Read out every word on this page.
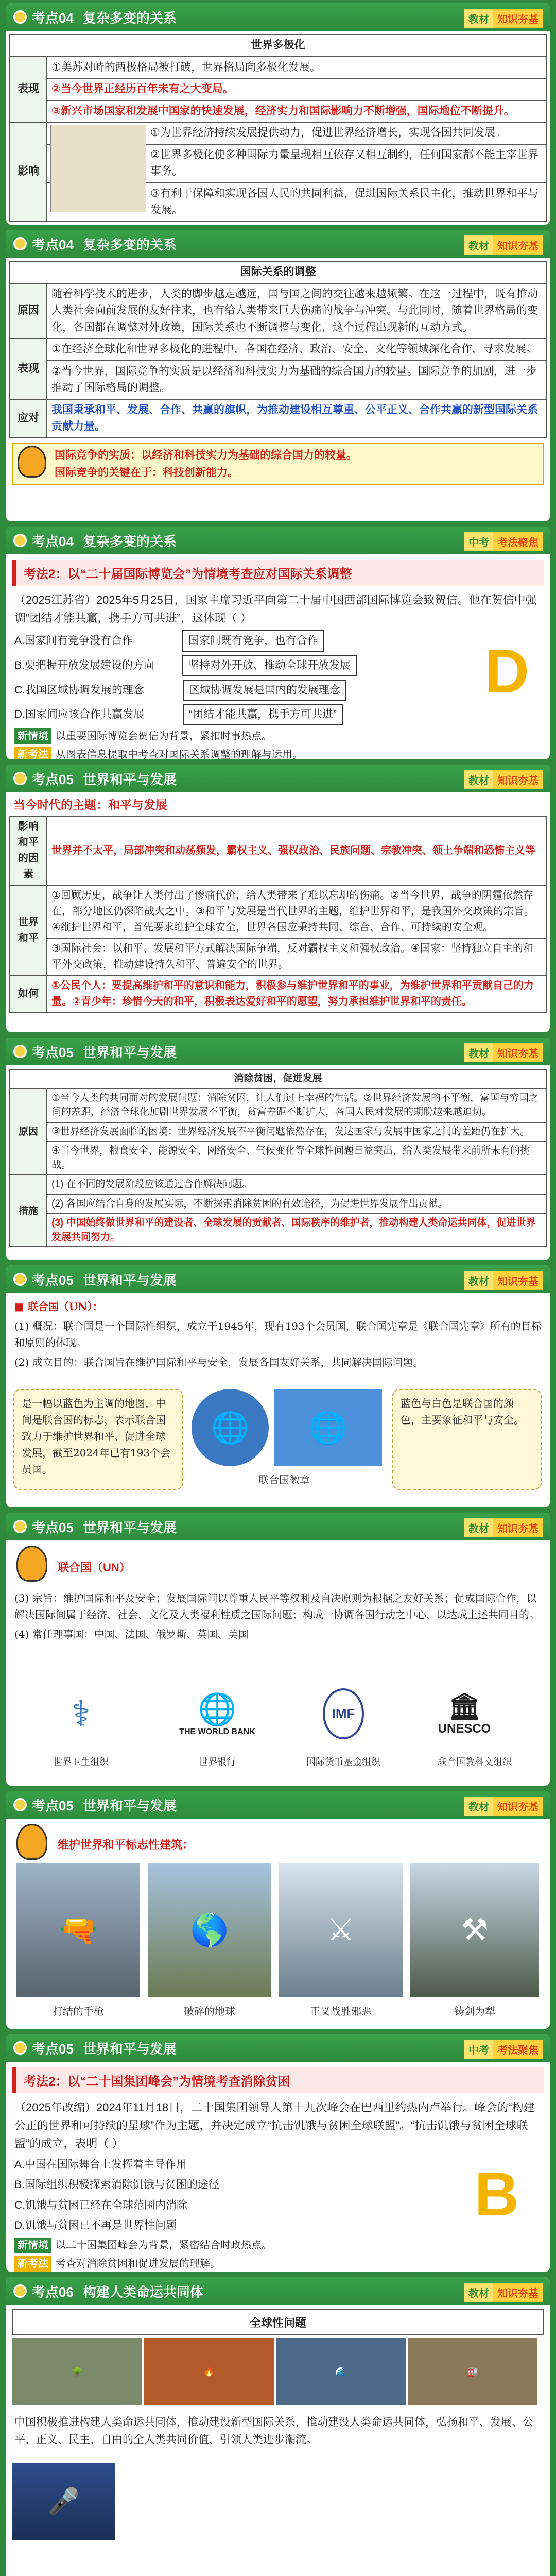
考点04 复杂多变的关系	教材 知识夯基
世界多极化	
表现	①美苏对峙的两极格局被打破，世界格局向多极化发展。
	②当今世界正经历百年未有之大变局。
	③新兴市场国家和发展中国家的快速发展，经济实力和国际影响力不断增强，国际地位不断提升。
影响	①为世界经济持续发展提供动力，促进世界经济增长，实现各国共同发展。
	②世界多极化使多种国际力量呈现相互依存又相互制约，任何国家都不能主宰世界事务。
	③有利于保障和实现各国人民的共同利益，促进国际关系民主化，推动世界和平与发展。
考点04 复杂多变的关系	教材 知识夯基
国际关系的调整	
原因	随着科学技术的进步，人类的脚步越走越远，国与国之间的交往越来越频繁。在这一过程中，既有推动人类社会向前发展的友好往来，也有给人类带来巨大伤痛的战争与冲突。与此同时，随着世界格局的变化，各国都在调整对外政策，国际关系也不断调整与变化，这个过程出现新的互动方式。
表现	①在经济全球化和世界多极化的进程中，各国在经济、政治、安全、文化等领域深化合作，寻求发展。
	②当今世界，国际竞争的实质是以经济和科技实力为基础的综合国力的较量。国际竞争的加剧，进一步推动了国际格局的调整。
应对	我国秉承和平、发展、合作、共赢的旗帜，为推动建设相互尊重、公平正义、合作共赢的新型国际关系贡献力量。
国际竞争的实质：以经济和科技实力为基础的综合国力的较量。
国际竞争的关键在于：科技创新能力。
考点04 复杂多变的关系	中考 考法聚焦
考法2：以“二十届国际博览会”为情境考查应对国际关系调整
（2025江苏省）2025年5月25日，国家主席习近平向第二十届中国西部国际博览会致贺信。他在贺信中强调“团结才能共赢，携手方可共进”，这体现（ ）
A. 国家间有竞争没有合作	国家间既有竞争，也有合作
B. 要把握开放发展建设的方向	坚持对外开放、推动全球开放发展
C. 我国区域协调发展的理念	区域协调发展是国内的发展理念
D. 国家间应该合作共赢发展	“团结才能共赢，携手方可共进”
D
新情境 以重要国际博览会贺信为背景，紧扣时事热点。
新考法 从图表信息提取中考查对国际关系调整的理解与运用。
考点05 世界和平与发展	教材 知识夯基
当今时代的主题：和平与发展
影响和平的因素	世界并不太平，局部冲突和动荡频发，霸权主义、强权政治、民族问题、宗教冲突、领土争端和恐怖主义等
世界和平	①回顾历史，战争让人类付出了惨痛代价，给人类带来了难以忘却的伤痛。②当今世界，战争的阴霾依然存在，部分地区仍深陷战火之中。③和平与发展是当代世界的主题，维护世界和平，是我国外交政策的宗旨。④维护世界和平，首先要求维护全球安全，世界各国应秉持共同、综合、合作、可持续的安全观。
	③国际社会：以和平、发展和平方式解决国际争端，反对霸权主义和强权政治。④国家：坚持独立自主的和平外交政策，推动建设持久和平、普遍安全的世界。
如何	①公民个人：要提高维护和平的意识和能力，积极参与维护世界和平的事业，为维护世界和平贡献自己的力量。②青少年：珍惜今天的和平，积极表达爱好和平的愿望，努力承担维护世界和平的责任。
考点05 世界和平与发展	教材 知识夯基
消除贫困，促进发展	
原因	①当今人类的共同面对的发展问题：消除贫困，让人们过上幸福的生活。②世界经济发展的不平衡，富国与穷国之间的差距，经济全球化加剧世界发展不平衡，贫富差距不断扩大，各国人民对发展的期盼越来越迫切。
	③世界经济发展面临的困境：世界经济发展不平衡问题依然存在，发达国家与发展中国家之间的差距仍在扩大。
	④当今世界，粮食安全、能源安全、网络安全、气候变化等全球性问题日益突出，给人类发展带来前所未有的挑战。
措施	(1) 在不同的发展阶段应该通过合作解决问题。
	(2) 各国应结合自身的发展实际，不断探索消除贫困的有效途径，为促进世界发展作出贡献。
	(3) 中国始终做世界和平的建设者、全球发展的贡献者、国际秩序的维护者，推动构建人类命运共同体，促进世界发展共同努力。
考点05 世界和平与发展	教材 知识夯基
■ 联合国（UN）：
(1) 概况：联合国是一个国际性组织，成立于1945年，现有193个会员国，联合国宪章是《联合国宪章》所有的目标和原则的体现。
(2) 成立目的：联合国旨在维护国际和平与安全，发展各国友好关系，共同解决国际问题。
是一幅以蓝色为主调的地图，中间是联合国的标志，表示联合国致力于维护世界和平、促进全球发展，截至2024年已有193个会员国。
🌐	🌐
联合国徽章
蓝色与白色是联合国的颜色，主要象征和平与安全。
考点05 世界和平与发展	教材 知识夯基
联合国（UN）
(3) 宗旨：维护国际和平及安全；发展国际间以尊重人民平等权利及自决原则为根据之友好关系；促成国际合作，以解决国际间属于经济、社会、文化及人类福利性质之国际问题；构成一协调各国行动之中心，以达成上述共同目的。
(4) 常任理事国：中国、法国、俄罗斯、英国、美国
⚕	🌐
THE WORLD BANK
IMF	🏛
UNESCO
世界卫生组织	世界银行	国际货币基金组织	联合国教科文组织
考点05 世界和平与发展	教材 知识夯基
维护世界和平标志性建筑：
🔫	🌎	⚔	⚒
打结的手枪	破碎的地球	正义战胜邪恶	铸剑为犁
考点05 世界和平与发展	中考 考法聚焦
考法2：以“二十国集团峰会”为情境考查消除贫困
（2025年改编）2024年11月18日，二十国集团领导人第十九次峰会在巴西里约热内卢举行。峰会的“构建公正的世界和可持续的星球”作为主题，并决定成立“抗击饥饿与贫困全球联盟”。“抗击饥饿与贫困全球联盟”的成立，表明（ ）
A. 中国在国际舞台上发挥着主导作用
B. 国际组织积极探索消除饥饿与贫困的途径
C. 饥饿与贫困已经在全球范围内消除
D. 饥饿与贫困已不再是世界性问题	B
新情境 以二十国集团峰会为背景，紧密结合时政热点。
新考法 考查对消除贫困和促进发展的理解。
考点06 构建人类命运共同体	教材 知识夯基
全球性问题
🌳	🔥	🌊	🏭
中国积极推进构建人类命运共同体，推动建设新型国际关系，推动建设人类命运共同体，弘扬和平、发展、公平、正义、民主、自由的全人类共同价值，引领人类进步潮流。
🎤
